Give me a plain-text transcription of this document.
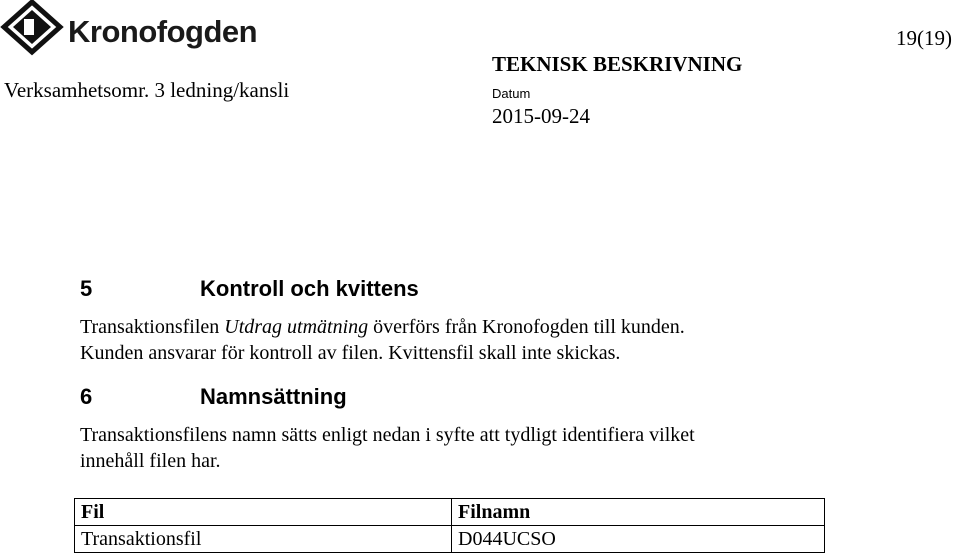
Kronofogden	19(19)
Verksamhetsomr. 3 ledning/kansli
TEKNISK BESKRIVNING
Datum
2015-09-24
5	Kontroll och kvittens
Transaktionsfilen Utdrag utmätning överförs från Kronofogden till kunden.
Kunden ansvarar för kontroll av filen. Kvittensfil skall inte skickas.
6	Namnsättning
Transaktionsfilens namn sätts enligt nedan i syfte att tydligt identifiera vilket
innehåll filen har.
Fil	Filnamn
Transaktionsfil	D044UCSO
